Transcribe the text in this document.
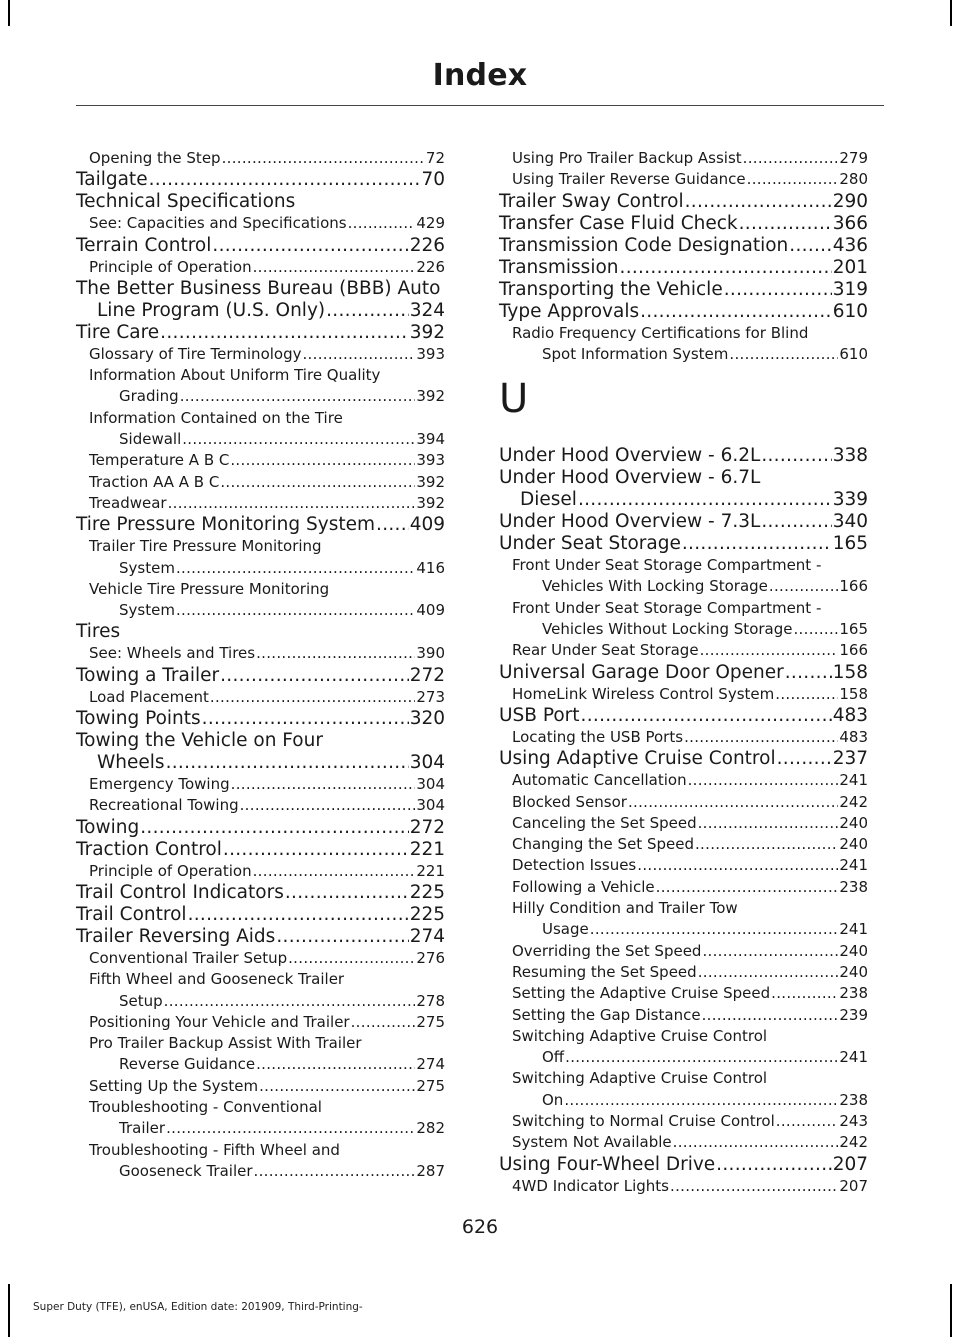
Index
Opening the Step .....	72
Tailgate .....	70
Technical Specifications
See: Capacities and Specifications .....	429
Terrain Control .....	226
Principle of Operation .....	226
The Better Business Bureau (BBB) Auto
Line Program (U.S. Only) .....	324
Tire Care .....	392
Glossary of Tire Terminology .....	393
Information About Uniform Tire Quality
Grading .....	392
Information Contained on the Tire
Sidewall .....	394
Temperature A B C .....	393
Traction AA A B C .....	392
Treadwear .....	392
Tire Pressure Monitoring System ..... 409
Trailer Tire Pressure Monitoring
System .....	416
Vehicle Tire Pressure Monitoring
System .....	409
Tires
See: Wheels and Tires .....	390
Towing a Trailer .....	272
Load Placement .....	273
Towing Points .....	320
Towing the Vehicle on Four
Wheels .....	304
Emergency Towing .....	304
Recreational Towing .....	304
Towing .....	272
Traction Control .....	221
Principle of Operation .....	221
Trail Control Indicators .....	225
Trail Control .....	225
Trailer Reversing Aids .....	274
Conventional Trailer Setup .....	276
Fifth Wheel and Gooseneck Trailer
Setup .....	278
Positioning Your Vehicle and Trailer .....	275
Pro Trailer Backup Assist With Trailer
Reverse Guidance .....	274
Setting Up the System .....	275
Troubleshooting - Conventional
Trailer .....	282
Troubleshooting - Fifth Wheel and
Gooseneck Trailer .....	287
Using Pro Trailer Backup Assist .....	279
Using Trailer Reverse Guidance .....	280
Trailer Sway Control .....	290
Transfer Case Fluid Check .....	366
Transmission Code Designation ..... 436
Transmission .....	201
Transporting the Vehicle .....	319
Type Approvals .....	610
Radio Frequency Certifications for Blind
Spot Information System .....	610
U
Under Hood Overview - 6.2L .....	338
Under Hood Overview - 6.7L
Diesel .....	339
Under Hood Overview - 7.3L .....	340
Under Seat Storage .....	165
Front Under Seat Storage Compartment -
Vehicles With Locking Storage .....	166
Front Under Seat Storage Compartment -
Vehicles Without Locking Storage .....	165
Rear Under Seat Storage .....	166
Universal Garage Door Opener .....	158
HomeLink Wireless Control System .....	158
USB Port .....	483
Locating the USB Ports .....	483
Using Adaptive Cruise Control .....	237
Automatic Cancellation .....	241
Blocked Sensor .....	242
Canceling the Set Speed .....	240
Changing the Set Speed .....	240
Detection Issues .....	241
Following a Vehicle .....	238
Hilly Condition and Trailer Tow
Usage .....	241
Overriding the Set Speed .....	240
Resuming the Set Speed .....	240
Setting the Adaptive Cruise Speed .....	238
Setting the Gap Distance .....	239
Switching Adaptive Cruise Control
Off .....	241
Switching Adaptive Cruise Control
On .....	238
Switching to Normal Cruise Control .....	243
System Not Available .....	242
Using Four-Wheel Drive .....	207
4WD Indicator Lights .....	207
626
Super Duty (TFE), enUSA, Edition date: 201909, Third-Printing-
